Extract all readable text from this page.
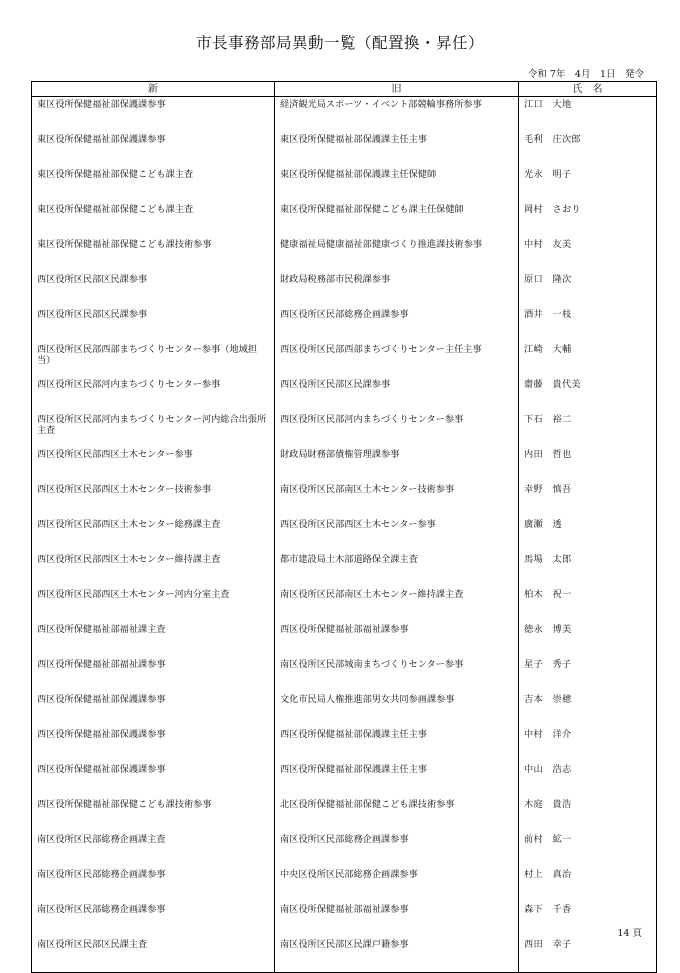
市長事務部局異動一覧（配置換・昇任）
令和 7年　4月　1日　発令
新	旧	氏　名
東区役所保健福祉部保護課参事	経済観光局スポーツ・イベント部競輪事務所参事	江口　大地
東区役所保健福祉部保護課参事	東区役所保健福祉部保護課主任主事	毛利　庄次郎
東区役所保健福祉部保健こども課主査	東区役所保健福祉部保護課主任保健師	光永　明子
東区役所保健福祉部保健こども課主査	東区役所保健福祉部保健こども課主任保健師	岡村　さおり
東区役所保健福祉部保健こども課技術参事	健康福祉局健康福祉部健康づくり推進課技術参事	中村　友美
西区役所区民部区民課参事	財政局税務部市民税課参事	原口　隆次
西区役所区民部区民課参事	西区役所区民部総務企画課参事	酒井　一枝
西区役所区民部西部まちづくりセンター参事（地域担当）	西区役所区民部西部まちづくりセンター主任主事	江崎　大輔
西区役所区民部河内まちづくりセンター参事	西区役所区民部区民課参事	齋藤　貴代美
西区役所区民部河内まちづくりセンター河内総合出張所主査	西区役所区民部河内まちづくりセンター参事	下石　裕二
西区役所区民部西区土木センター参事	財政局財務部債権管理課参事	内田　哲也
西区役所区民部西区土木センター技術参事	南区役所区民部南区土木センター技術参事	幸野　慎吾
西区役所区民部西区土木センター総務課主査	西区役所区民部西区土木センター参事	廣瀬　透
西区役所区民部西区土木センター維持課主査	都市建設局土木部道路保全課主査	馬場　太郎
西区役所区民部西区土木センター河内分室主査	南区役所区民部南区土木センター維持課主査	柏木　祝一
西区役所保健福祉部福祉課主査	西区役所保健福祉部福祉課参事	徳永　博美
西区役所保健福祉部福祉課参事	南区役所区民部城南まちづくりセンター参事	星子　秀子
西区役所保健福祉部保護課参事	文化市民局人権推進部男女共同参画課参事	吉本　崇穂
西区役所保健福祉部保護課参事	西区役所保健福祉部保護課主任主事	中村　洋介
西区役所保健福祉部保護課参事	西区役所保健福祉部保護課主任主事	中山　浩志
西区役所保健福祉部保健こども課技術参事	北区役所保健福祉部保健こども課技術参事	木庭　貴浩
南区役所区民部総務企画課主査	南区役所区民部総務企画課参事	前村　絋一
南区役所区民部総務企画課参事	中央区役所区民部総務企画課参事	村上　真治
南区役所区民部総務企画課参事	南区役所保健福祉部福祉課参事	森下　千香
南区役所区民部区民課主査	南区役所区民部区民課戸籍参事	西田　幸子
14 頁
